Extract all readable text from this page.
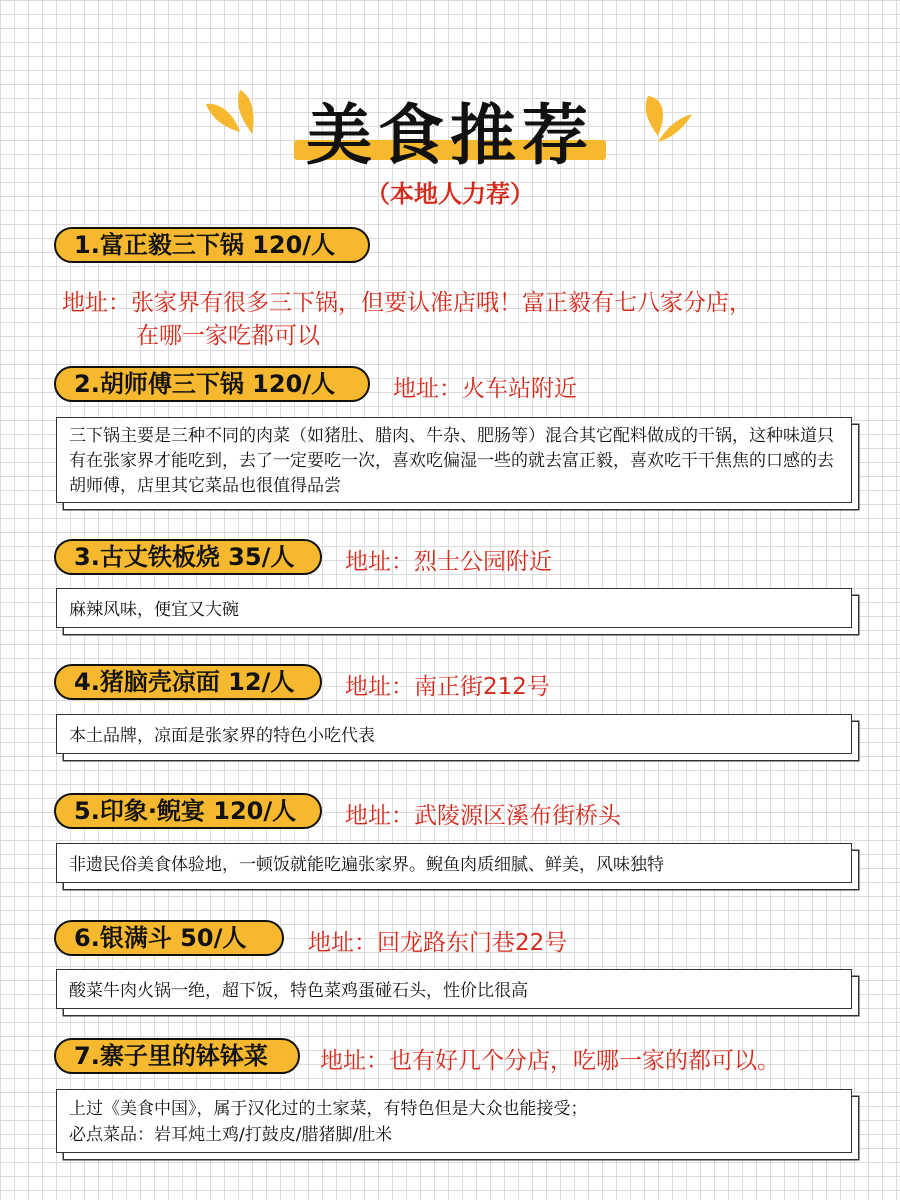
美食推荐
（本地人力荐）
1.富正毅三下锅 120/人
地址：张家界有很多三下锅，但要认准店哦！富正毅有七八家分店，
在哪一家吃都可以
2.胡师傅三下锅 120/人	地址：火车站附近
三下锅主要是三种不同的肉菜（如猪肚、腊肉、牛杂、肥肠等）混合其它配料做成的干锅，这种味道只有在张家界才能吃到，去了一定要吃一次，喜欢吃偏湿一些的就去富正毅，喜欢吃干干焦焦的口感的去胡师傅，店里其它菜品也很值得品尝
3.古丈铁板烧 35/人	地址：烈士公园附近
麻辣风味，便宜又大碗
4.猪脑壳凉面 12/人	地址：南正街212号
本土品牌，凉面是张家界的特色小吃代表
5.印象·鲵宴 120/人	地址：武陵源区溪布街桥头
非遗民俗美食体验地，一顿饭就能吃遍张家界。鲵鱼肉质细腻、鲜美，风味独特
6.银满斗 50/人	地址：回龙路东门巷22号
酸菜牛肉火锅一绝，超下饭，特色菜鸡蛋碰石头，性价比很高
7.寨子里的钵钵菜	地址：也有好几个分店，吃哪一家的都可以。
上过《美食中国》，属于汉化过的土家菜，有特色但是大众也能接受；
必点菜品：岩耳炖土鸡/打鼓皮/腊猪脚/肚米
